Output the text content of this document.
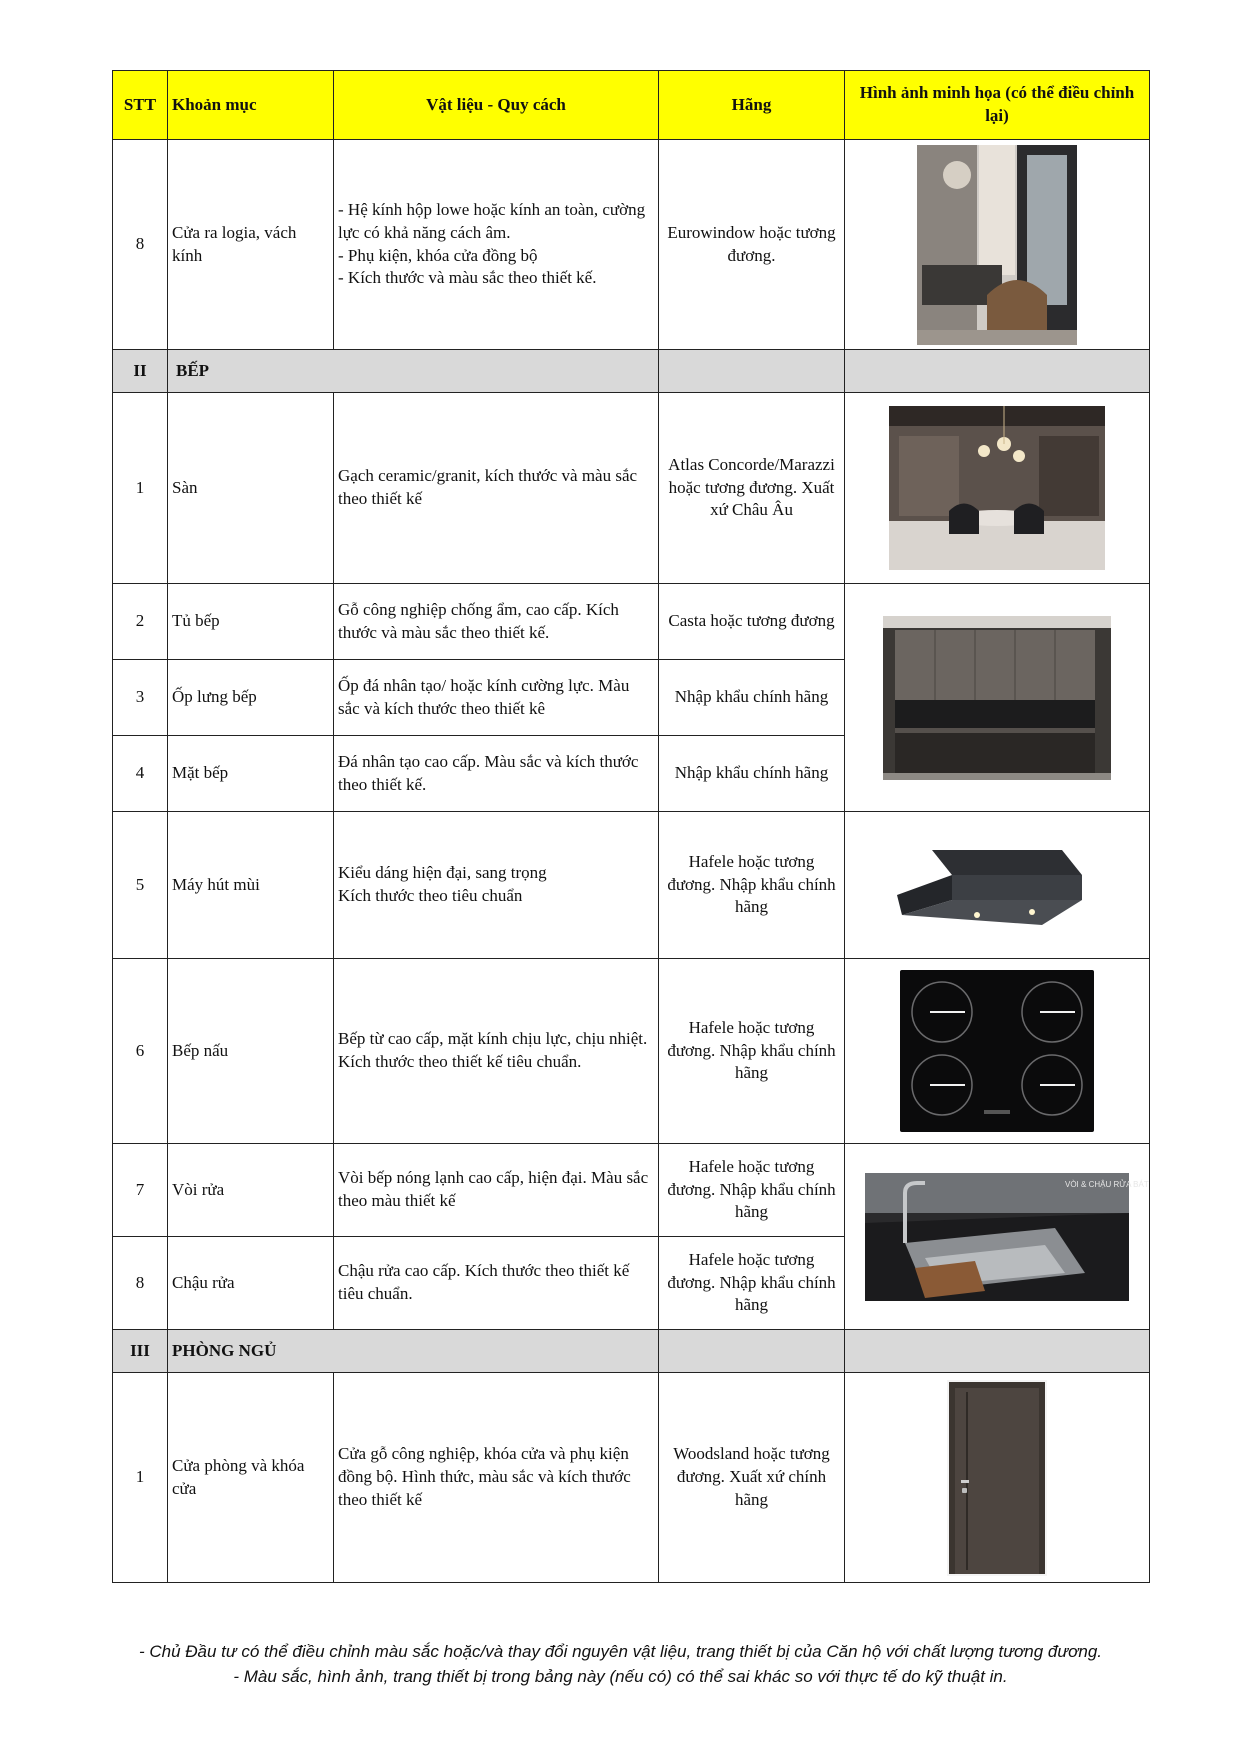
STT	Khoản mục	Vật liệu - Quy cách	Hãng	Hình ảnh minh họa (có thể điều chỉnh lại)
8	Cửa ra logia, vách kính	- Hệ kính hộp lowe hoặc kính an toàn, cường lực có khả năng cách âm.
- Phụ kiện, khóa cửa đồng bộ
- Kích thước và màu sắc theo thiết kế.	Eurowindow hoặc tương đương.	
II	BẾP			
1	Sàn	Gạch ceramic/granit, kích thước và màu sắc theo thiết kế	Atlas Concorde/Marazzi hoặc tương đương. Xuất xứ Châu Âu	
2	Tủ bếp	Gỗ công nghiệp chống ẩm, cao cấp. Kích thước và màu sắc theo thiết kế.	Casta hoặc tương đương	
3	Ốp lưng bếp	Ốp đá nhân tạo/ hoặc kính cường lực. Màu sắc và kích thước theo thiết kê	Nhập khẩu chính hãng	
4	Mặt bếp	Đá nhân tạo cao cấp. Màu sắc và kích thước theo thiết kế.	Nhập khẩu chính hãng	
5	Máy hút mùi	Kiểu dáng hiện đại, sang trọng
Kích thước theo tiêu chuẩn	Hafele hoặc tương đương. Nhập khẩu chính hãng	
6	Bếp nấu	Bếp từ cao cấp, mặt kính chịu lực, chịu nhiệt. Kích thước theo thiết kế tiêu chuẩn.	Hafele hoặc tương đương. Nhập khẩu chính hãng	
7	Vòi rửa	Vòi bếp nóng lạnh cao cấp, hiện đại. Màu sắc theo màu thiết kế	Hafele hoặc tương đương. Nhập khẩu chính hãng	VÒI & CHẬU RỬA BÁT

8	Chậu rửa	Chậu rửa cao cấp. Kích thước theo thiết kế tiêu chuẩn.	Hafele hoặc tương đương. Nhập khẩu chính hãng	
III	PHÒNG NGỦ			
1	Cửa phòng và khóa cửa	Cửa gỗ công nghiệp, khóa cửa và phụ kiện đồng bộ. Hình thức, màu sắc và kích thước theo thiết kế	Woodsland hoặc tương đương. Xuất xứ chính hãng	
- Chủ Đầu tư có thể điều chỉnh màu sắc hoặc/và thay đổi nguyên vật liệu, trang thiết bị của Căn hộ với chất lượng tương đương.
- Màu sắc, hình ảnh, trang thiết bị trong bảng này (nếu có) có thể sai khác so với thực tế do kỹ thuật in.
